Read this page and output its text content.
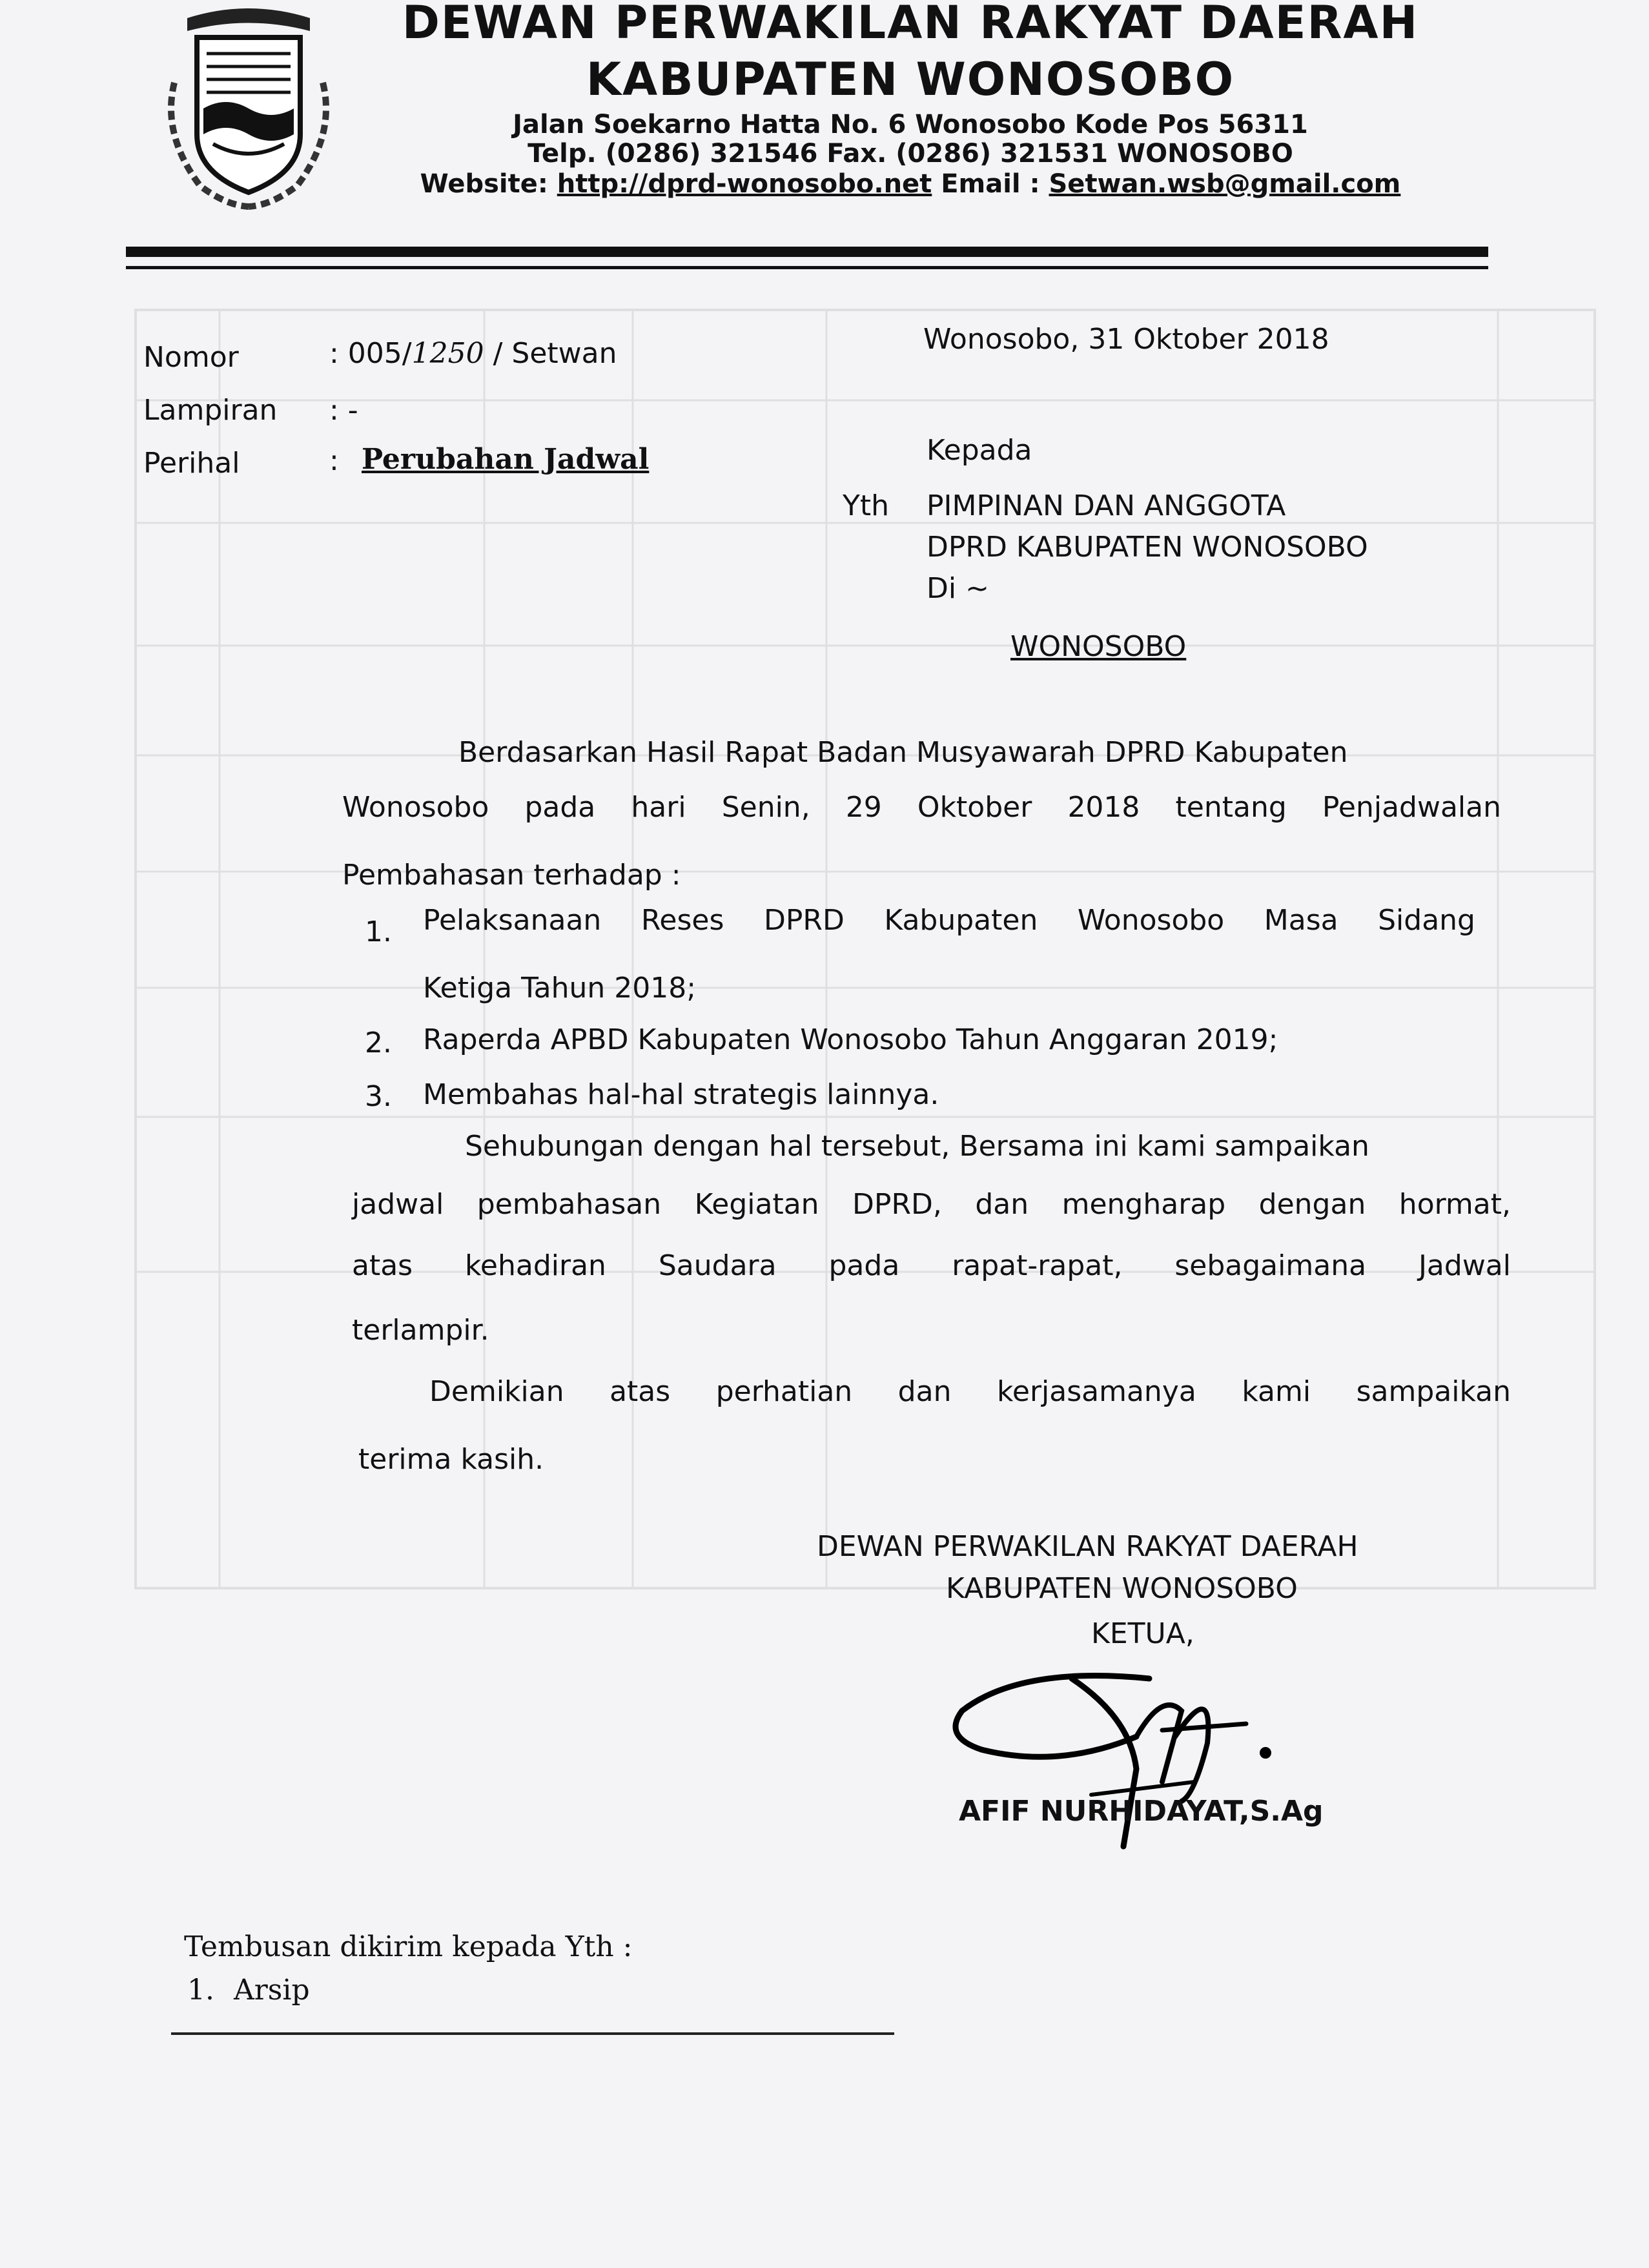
DEWAN PERWAKILAN RAKYAT DAERAH
KABUPATEN WONOSOBO
Jalan Soekarno Hatta No. 6 Wonosobo Kode Pos 56311
Telp. (0286) 321546 Fax. (0286) 321531 WONOSOBO
Website: http://dprd-wonosobo.net Email : Setwan.wsb@gmail.com
Nomor	: 005/1250 / Setwan
Lampiran : -
Perihal	: Perubahan Jadwal
Wonosobo, 31 Oktober 2018
Kepada
Yth PIMPINAN DAN ANGGOTA
DPRD KABUPATEN WONOSOBO
Di ~
WONOSOBO
Berdasarkan Hasil Rapat Badan Musyawarah DPRD Kabupaten
Wonosobo pada hari Senin, 29 Oktober 2018 tentang Penjadwalan
Pembahasan terhadap :
1. Pelaksanaan Reses DPRD Kabupaten Wonosobo Masa Sidang
Ketiga Tahun 2018;
2. Raperda APBD Kabupaten Wonosobo Tahun Anggaran 2019;
3. Membahas hal-hal strategis lainnya.
Sehubungan dengan hal tersebut, Bersama ini kami sampaikan
jadwal pembahasan Kegiatan DPRD, dan mengharap dengan hormat,
atas kehadiran Saudara pada rapat-rapat, sebagaimana Jadwal
terlampir.
Demikian atas perhatian dan kerjasamanya kami sampaikan
terima kasih.
DEWAN PERWAKILAN RAKYAT DAERAH
KABUPATEN WONOSOBO
KETUA,
AFIF NURHIDAYAT,S.Ag
Tembusan dikirim kepada Yth :
1. Arsip
